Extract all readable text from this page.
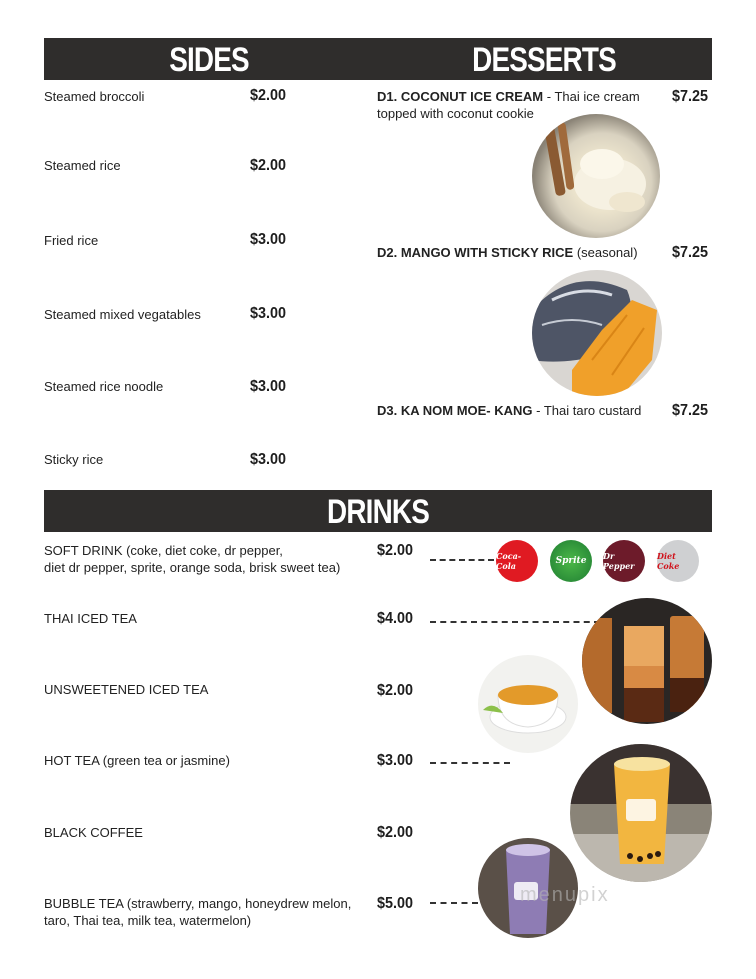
SIDES	DESSERTS
Steamed broccoli	$2.00
Steamed rice	$2.00
Fried rice	$3.00
Steamed mixed vegatables	$3.00
Steamed rice noodle	$3.00
Sticky rice	$3.00
D1. COCONUT ICE CREAM - Thai ice cream topped with coconut cookie
$7.25
D2. MANGO WITH STICKY RICE (seasonal)	$7.25
D3. KA NOM MOE- KANG - Thai taro custard	$7.25
DRINKS
SOFT DRINK (coke, diet coke, dr pepper,
diet dr pepper, sprite, orange soda, brisk sweet tea)
$2.00
THAI ICED TEA	$4.00
UNSWEETENED ICED TEA	$2.00
HOT TEA (green tea or jasmine)	$3.00
BLACK COFFEE	$2.00
BUBBLE TEA (strawberry, mango, honeydrew melon,
taro, Thai tea, milk tea, watermelon)
$5.00
Coca-Cola	Sprite Dr Pepper
Diet Coke
menupix
